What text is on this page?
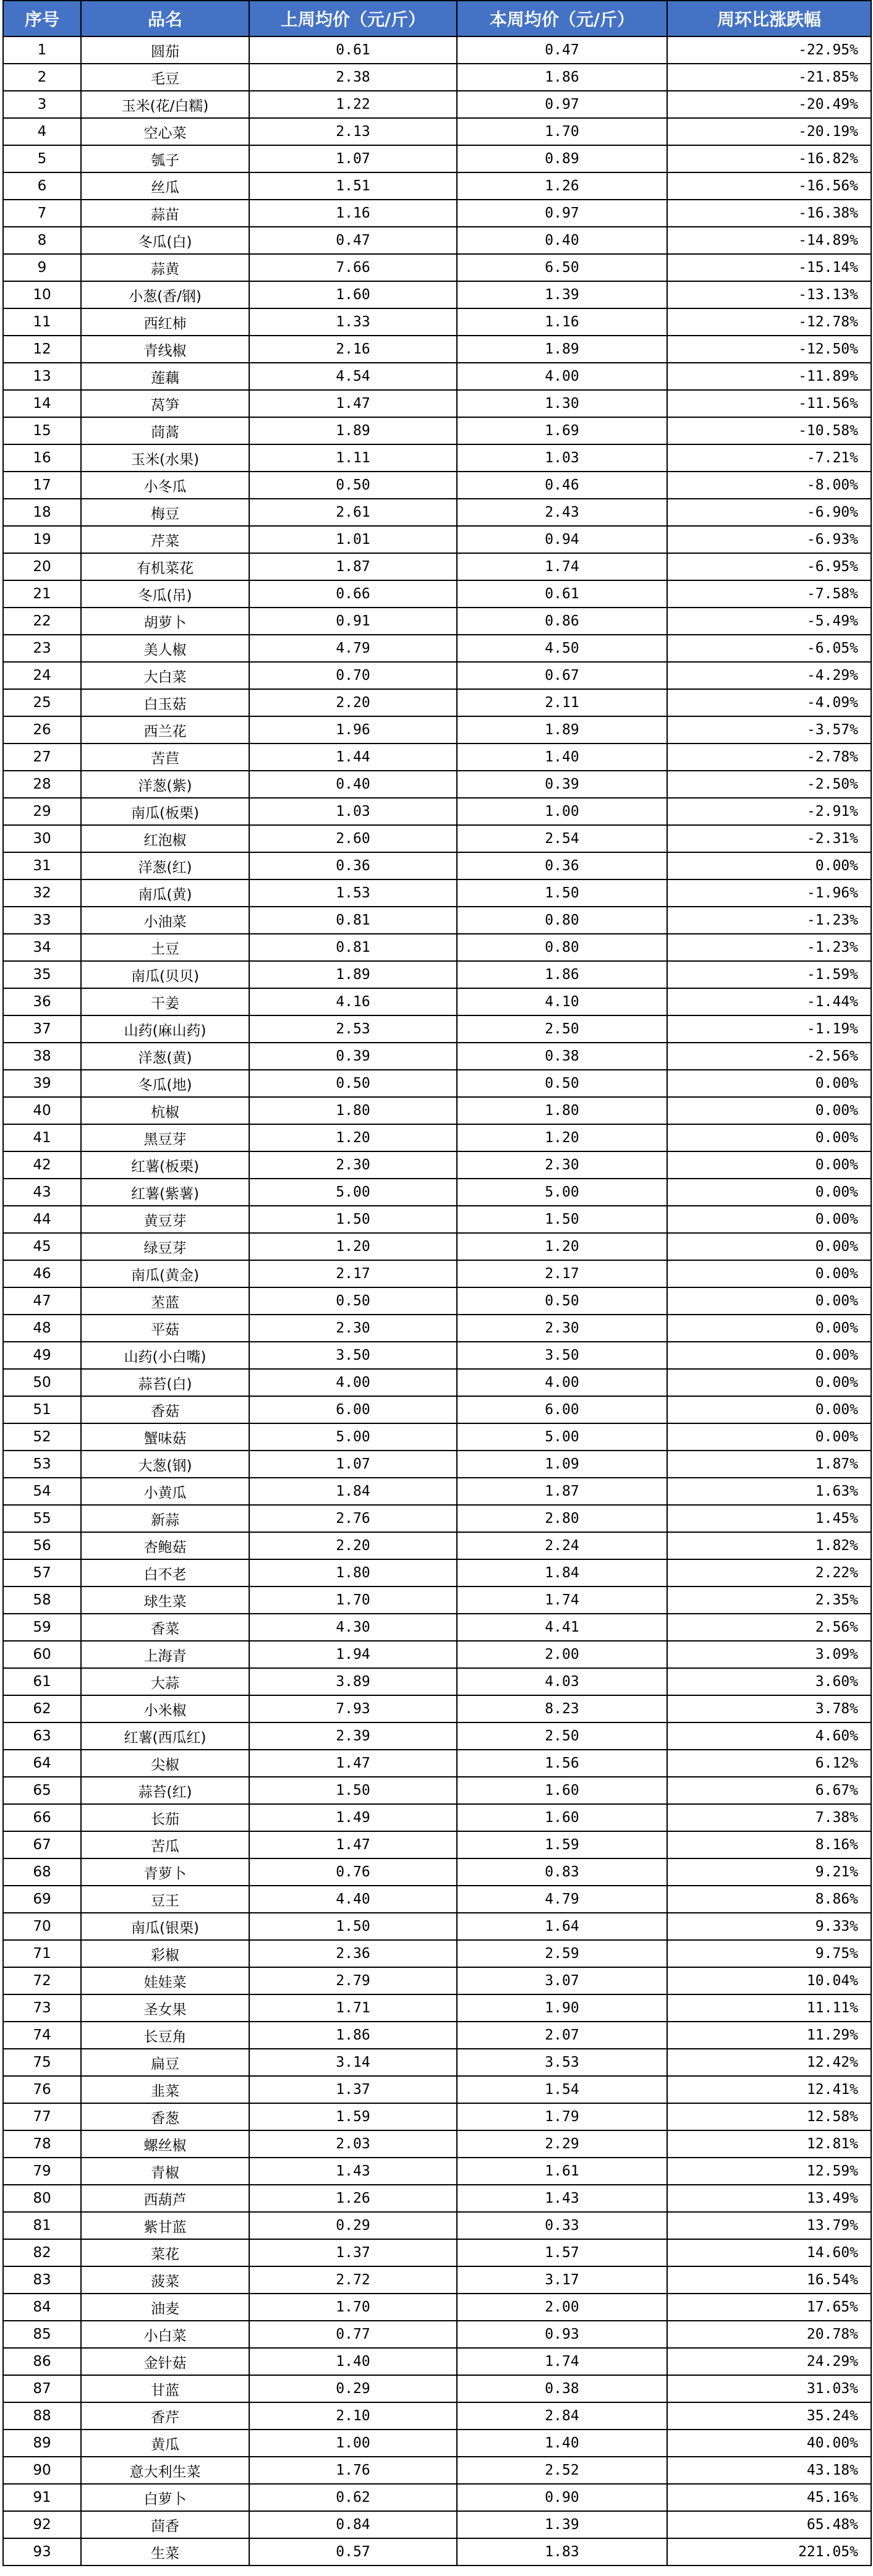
序号	品名	上周均价（元/斤）	本周均价（元/斤）	周环比涨跌幅
1	圆茄	0.61	0.47	-22.95%
2	毛豆	2.38	1.86	-21.85%
3	玉米(花/白糯)	1.22	0.97	-20.49%
4	空心菜	2.13	1.70	-20.19%
5	瓠子	1.07	0.89	-16.82%
6	丝瓜	1.51	1.26	-16.56%
7	蒜苗	1.16	0.97	-16.38%
8	冬瓜(白)	0.47	0.40	-14.89%
9	蒜黄	7.66	6.50	-15.14%
10	小葱(香/钢)	1.60	1.39	-13.13%
11	西红柿	1.33	1.16	-12.78%
12	青线椒	2.16	1.89	-12.50%
13	莲藕	4.54	4.00	-11.89%
14	莴笋	1.47	1.30	-11.56%
15	茼蒿	1.89	1.69	-10.58%
16	玉米(水果)	1.11	1.03	-7.21%
17	小冬瓜	0.50	0.46	-8.00%
18	梅豆	2.61	2.43	-6.90%
19	芹菜	1.01	0.94	-6.93%
20	有机菜花	1.87	1.74	-6.95%
21	冬瓜(吊)	0.66	0.61	-7.58%
22	胡萝卜	0.91	0.86	-5.49%
23	美人椒	4.79	4.50	-6.05%
24	大白菜	0.70	0.67	-4.29%
25	白玉菇	2.20	2.11	-4.09%
26	西兰花	1.96	1.89	-3.57%
27	苦苣	1.44	1.40	-2.78%
28	洋葱(紫)	0.40	0.39	-2.50%
29	南瓜(板栗)	1.03	1.00	-2.91%
30	红泡椒	2.60	2.54	-2.31%
31	洋葱(红)	0.36	0.36	0.00%
32	南瓜(黄)	1.53	1.50	-1.96%
33	小油菜	0.81	0.80	-1.23%
34	土豆	0.81	0.80	-1.23%
35	南瓜(贝贝)	1.89	1.86	-1.59%
36	干姜	4.16	4.10	-1.44%
37	山药(麻山药)	2.53	2.50	-1.19%
38	洋葱(黄)	0.39	0.38	-2.56%
39	冬瓜(地)	0.50	0.50	0.00%
40	杭椒	1.80	1.80	0.00%
41	黑豆芽	1.20	1.20	0.00%
42	红薯(板栗)	2.30	2.30	0.00%
43	红薯(紫薯)	5.00	5.00	0.00%
44	黄豆芽	1.50	1.50	0.00%
45	绿豆芽	1.20	1.20	0.00%
46	南瓜(黄金)	2.17	2.17	0.00%
47	苤蓝	0.50	0.50	0.00%
48	平菇	2.30	2.30	0.00%
49	山药(小白嘴)	3.50	3.50	0.00%
50	蒜苔(白)	4.00	4.00	0.00%
51	香菇	6.00	6.00	0.00%
52	蟹味菇	5.00	5.00	0.00%
53	大葱(钢)	1.07	1.09	1.87%
54	小黄瓜	1.84	1.87	1.63%
55	新蒜	2.76	2.80	1.45%
56	杏鲍菇	2.20	2.24	1.82%
57	白不老	1.80	1.84	2.22%
58	球生菜	1.70	1.74	2.35%
59	香菜	4.30	4.41	2.56%
60	上海青	1.94	2.00	3.09%
61	大蒜	3.89	4.03	3.60%
62	小米椒	7.93	8.23	3.78%
63	红薯(西瓜红)	2.39	2.50	4.60%
64	尖椒	1.47	1.56	6.12%
65	蒜苔(红)	1.50	1.60	6.67%
66	长茄	1.49	1.60	7.38%
67	苦瓜	1.47	1.59	8.16%
68	青萝卜	0.76	0.83	9.21%
69	豆王	4.40	4.79	8.86%
70	南瓜(银栗)	1.50	1.64	9.33%
71	彩椒	2.36	2.59	9.75%
72	娃娃菜	2.79	3.07	10.04%
73	圣女果	1.71	1.90	11.11%
74	长豆角	1.86	2.07	11.29%
75	扁豆	3.14	3.53	12.42%
76	韭菜	1.37	1.54	12.41%
77	香葱	1.59	1.79	12.58%
78	螺丝椒	2.03	2.29	12.81%
79	青椒	1.43	1.61	12.59%
80	西葫芦	1.26	1.43	13.49%
81	紫甘蓝	0.29	0.33	13.79%
82	菜花	1.37	1.57	14.60%
83	菠菜	2.72	3.17	16.54%
84	油麦	1.70	2.00	17.65%
85	小白菜	0.77	0.93	20.78%
86	金针菇	1.40	1.74	24.29%
87	甘蓝	0.29	0.38	31.03%
88	香芹	2.10	2.84	35.24%
89	黄瓜	1.00	1.40	40.00%
90	意大利生菜	1.76	2.52	43.18%
91	白萝卜	0.62	0.90	45.16%
92	茴香	0.84	1.39	65.48%
93	生菜	0.57	1.83	221.05%
